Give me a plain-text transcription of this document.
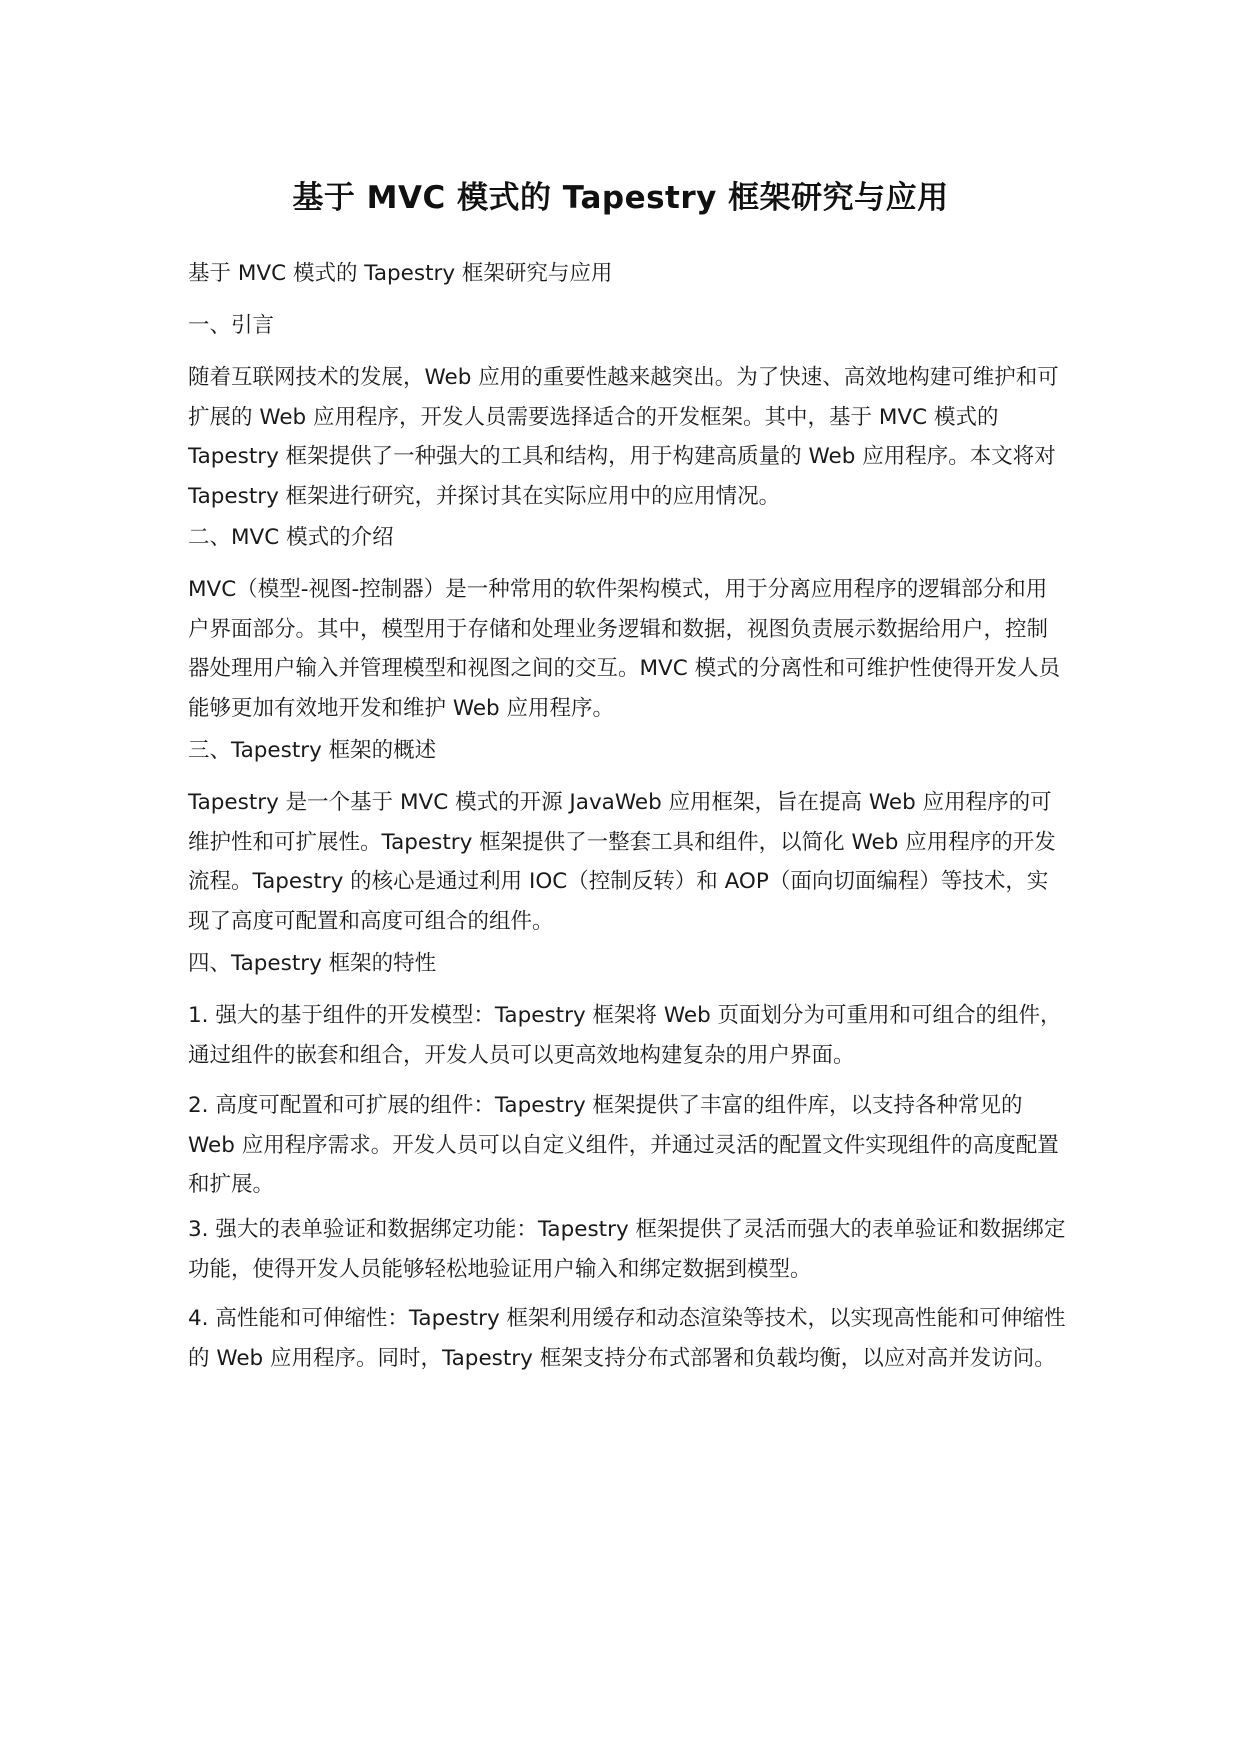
基于 MVC 模式的 Tapestry 框架研究与应用

基于 MVC 模式的 Tapestry 框架研究与应用

一、引言

随着互联网技术的发展，Web 应用的重要性越来越突出。为了快速、高效地构建可维护和可扩展的 Web 应用程序，开发人员需要选择适合的开发框架。其中，基于 MVC 模式的 Tapestry 框架提供了一种强大的工具和结构，用于构建高质量的 Web 应用程序。本文将对 Tapestry 框架进行研究，并探讨其在实际应用中的应用情况。

二、MVC 模式的介绍

MVC（模型-视图-控制器）是一种常用的软件架构模式，用于分离应用程序的逻辑部分和用户界面部分。其中，模型用于存储和处理业务逻辑和数据，视图负责展示数据给用户，控制器处理用户输入并管理模型和视图之间的交互。MVC 模式的分离性和可维护性使得开发人员能够更加有效地开发和维护 Web 应用程序。

三、Tapestry 框架的概述

Tapestry 是一个基于 MVC 模式的开源 JavaWeb 应用框架，旨在提高 Web 应用程序的可维护性和可扩展性。Tapestry 框架提供了一整套工具和组件，以简化 Web 应用程序的开发流程。Tapestry 的核心是通过利用 IOC（控制反转）和 AOP（面向切面编程）等技术，实现了高度可配置和高度可组合的组件。

四、Tapestry 框架的特性

1. 强大的基于组件的开发模型：Tapestry 框架将 Web 页面划分为可重用和可组合的组件，通过组件的嵌套和组合，开发人员可以更高效地构建复杂的用户界面。

2. 高度可配置和可扩展的组件：Tapestry 框架提供了丰富的组件库，以支持各种常见的 Web 应用程序需求。开发人员可以自定义组件，并通过灵活的配置文件实现组件的高度配置和扩展。

3. 强大的表单验证和数据绑定功能：Tapestry 框架提供了灵活而强大的表单验证和数据绑定功能，使得开发人员能够轻松地验证用户输入和绑定数据到模型。

4. 高性能和可伸缩性：Tapestry 框架利用缓存和动态渲染等技术，以实现高性能和可伸缩性的 Web 应用程序。同时，Tapestry 框架支持分布式部署和负载均衡，以应对高并发访问。
